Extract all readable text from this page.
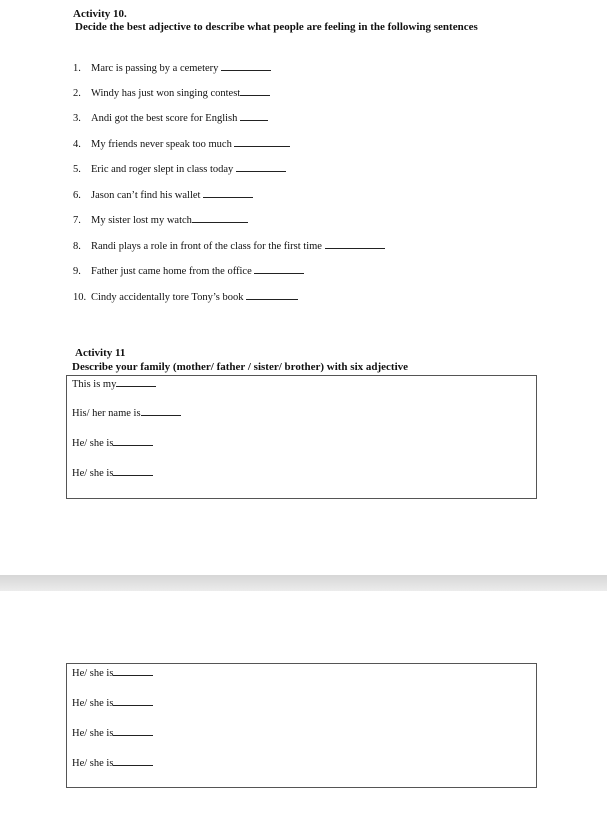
Activity 10.
Decide the best adjective to describe what people are feeling in the following sentences
1. Marc is passing by a cemetery
2. Windy has just won singing contest
3. Andi got the best score for English
4. My friends never speak too much
5. Eric and roger slept in class today
6. Jason can’t find his wallet
7. My sister lost my watch
8. Randi plays a role in front of the class for the first time
9. Father just came home from the office
10. Cindy accidentally tore Tony’s book
Activity 11
Describe your family (mother/ father / sister/ brother) with six adjective
This is my
His/ her name is
He/ she is
He/ she is
He/ she is
He/ she is
He/ she is
He/ she is
